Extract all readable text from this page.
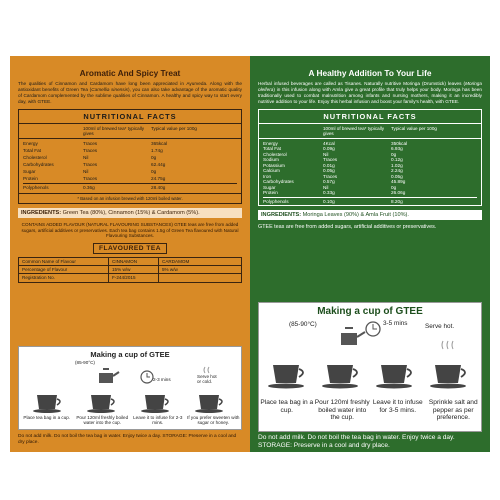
Aromatic And Spicy Treat
The qualities of Cinnamon and Cardamom have long been appreciated in Ayurveda. Along with the antioxidant benefits of Green Tea (Camellia sinensis), you can also take advantage of the aromatic quality of Cardamom complemented by the sublime qualities of Cinnamon. A healthy and spicy way to start every day, with GTEE.
NUTRITIONAL FACTS
100ml of brewed tea* typically gives
Typical value per 100g
Energy	Traces	365kcal
Total Fat	Traces	1.74g
Cholesterol	Nil	0g
Carbohydrates	Traces	62.44g
Sugar	Nil	0g
Protein	Traces	24.75g
Polyphenols	0.36g	28.40g
* Based on an infusion brewed with 120ml boiled water.
INGREDIENTS: Green Tea (80%), Cinnamon (15%) & Cardamom (5%).
CONTAINS ADDED FLAVOUR (NATURAL FLAVOURING SUBSTANCES) GTEE teas are free from added sugars, artificial additives or preservatives. Each tea bag contains 1.5g of Green Tea flavoured with Natural Flavouring Substances.
FLAVOURED TEA
Common Name of Flavour	CINNAMON	CARDAMOM
Percentage of Flavour	15% w/w	5% w/w
Registration No.	F-244/2015
Making a cup of GTEE
(85-90°C)
2-3 mins
Serve hot or cold.
Place tea bag in a cup.	Pour 120ml freshly boiled water into the cup.
Leave it to infuse for 2-3 mins.
If you prefer sweeten with sugar or honey.
Do not add milk. Do not boil the tea bag in water. Enjoy twice a day. STORAGE: Preserve in a cool and dry place.
A Healthy Addition To Your Life
Herbal infused beverages are called as Tisanes. Naturally nutritive Moringa (Drumstick) leaves (Moringa oleifera) in this infusion along with Amla give a great profile that truly helps your body. Moringa has been traditionally used to combat malnutrition among infants and nursing mothers, making it an incredibly nutritive addition to your life. Enjoy this herbal infusion and boost your family's health, with GTEE.
NUTRITIONAL FACTS
100ml of brewed tea* typically gives
Typical value per 100g
Energy	4Kcal	350kcal
Total Fat	0.09g	6.93g
Cholesterol	Nil	0g
Sodium	Traces	0.12g
Potassium	0.01g	1.02g
Calcium	0.05g	2.24g
Iron	Traces	0.05g
Carbohydrates	0.57g	45.89g
Sugar	Nil	0g
Protein	0.33g	26.06g
Polyphenols	0.10g	8.20g
INGREDIENTS: Moringa Leaves (90%) & Amla Fruit (10%).
GTEE teas are free from added sugars, artificial additives or preservatives.
Making a cup of GTEE
(85-90°C)	3-5 mins	Serve hot.
Place tea bag in a cup.
Pour 120ml freshly boiled water into the cup.
Leave it to infuse for 3-5 mins.
Sprinkle salt and pepper as per preference.
Do not add milk. Do not boil the tea bag in water. Enjoy twice a day. STORAGE: Preserve in a cool and dry place.
